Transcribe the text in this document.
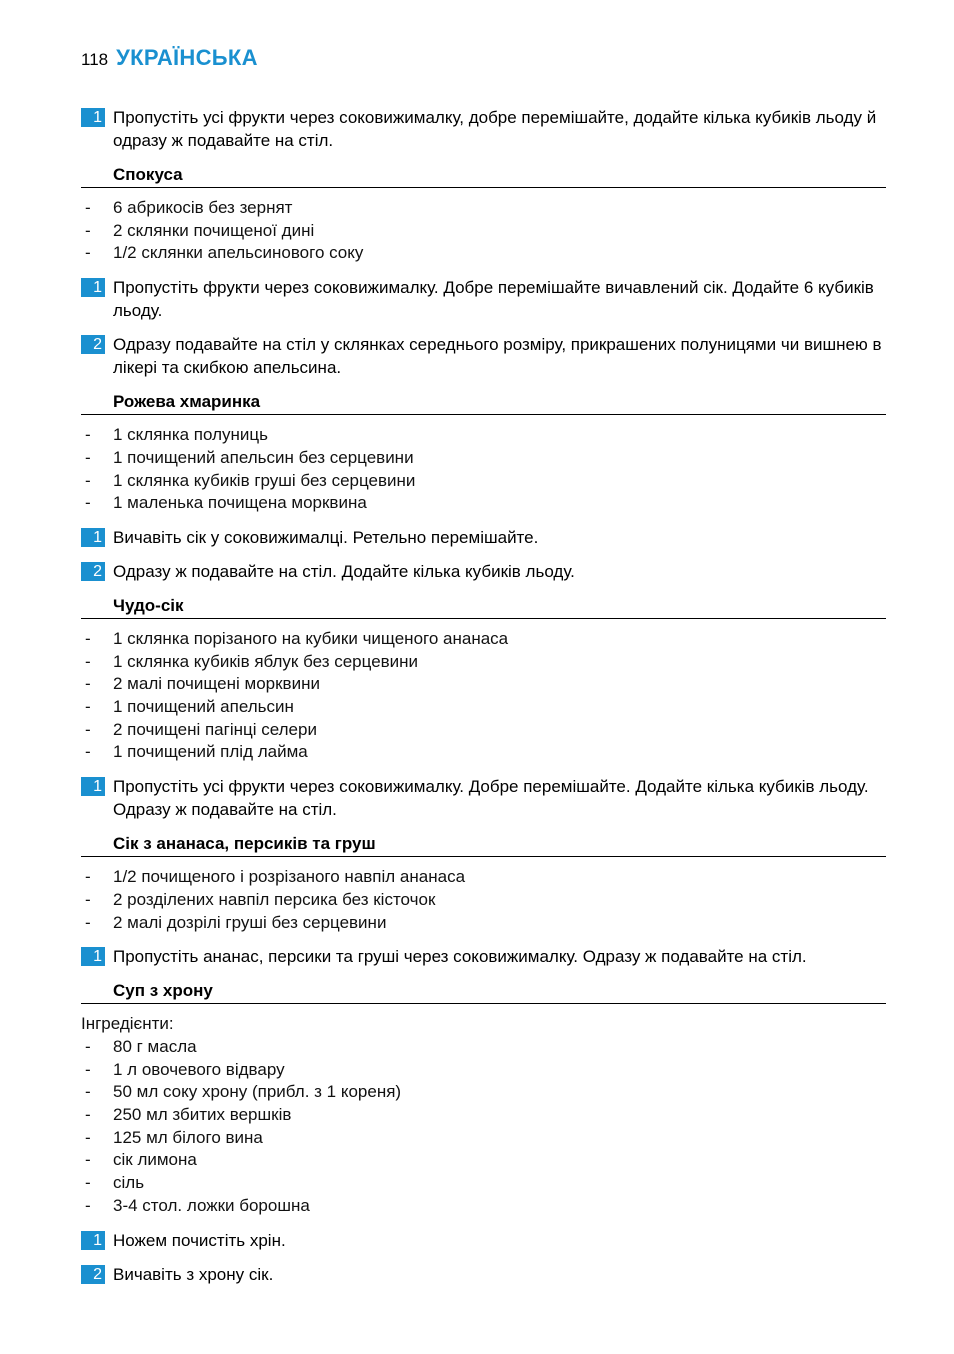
118 УКРАЇНСЬКА
1 Пропустіть усі фрукти через соковижималку, добре перемішайте, додайте кілька кубиків льоду й одразу ж подавайте на стіл.
Спокуса
- 6 абрикосів без зернят
- 2 склянки почищеної дині
- 1/2 склянки апельсинового соку
1 Пропустіть фрукти через соковижималку. Добре перемішайте вичавлений сік. Додайте 6 кубиків льоду.
2 Одразу подавайте на стіл у склянках середнього розміру, прикрашених полуницями чи вишнею в лікері та скибкою апельсина.
Рожева хмаринка
- 1 склянка полуниць
- 1 почищений апельсин без серцевини
- 1 склянка кубиків груші без серцевини
- 1 маленька почищена морквина
1 Вичавіть сік у соковижималці. Ретельно перемішайте.
2 Одразу ж подавайте на стіл. Додайте кілька кубиків льоду.
Чудо-сік
- 1 склянка порізаного на кубики чищеного ананаса
- 1 склянка кубиків яблук без серцевини
- 2 малі почищені морквини
- 1 почищений апельсин
- 2 почищені пагінці селери
- 1 почищений плід лайма
1 Пропустіть усі фрукти через соковижималку. Добре перемішайте. Додайте кілька кубиків льоду. Одразу ж подавайте на стіл.
Сік з ананаса, персиків та груш
- 1/2 почищеного і розрізаного навпіл ананаса
- 2 розділених навпіл персика без кісточок
- 2 малі дозрілі груші без серцевини
1 Пропустіть ананас, персики та груші через соковижималку. Одразу ж подавайте на стіл.
Суп з хрону
Інгредієнти:
- 80 г масла
- 1 л овочевого відвару
- 50 мл соку хрону (прибл. з 1 кореня)
- 250 мл збитих вершків
- 125 мл білого вина
- сік лимона
- сіль
- 3-4 стол. ложки борошна
1 Ножем почистіть хрін.
2 Вичавіть з хрону сік.
